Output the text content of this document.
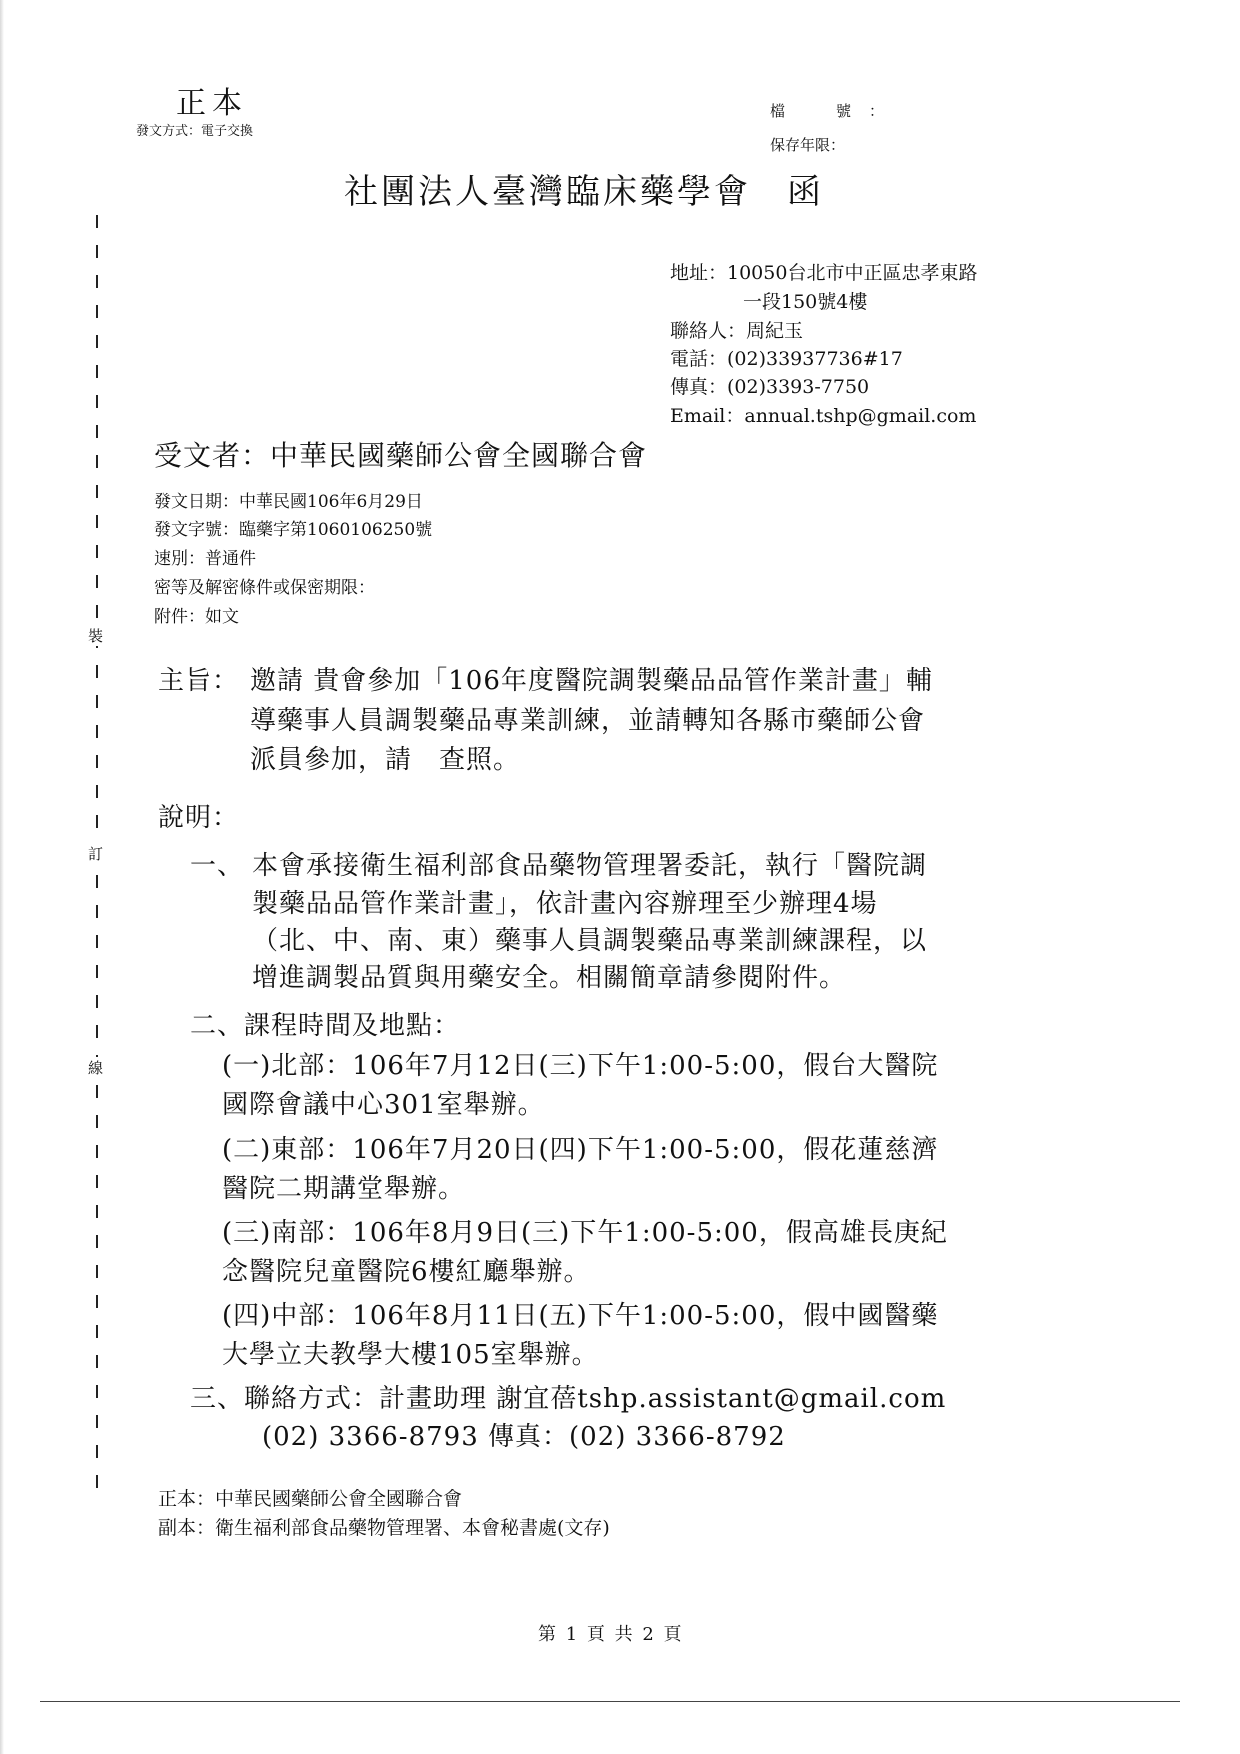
裝
訂
線
正本
發文方式：電子交換
檔　號：
保存年限：
社團法人臺灣臨床藥學會 函
地址：10050台北市中正區忠孝東路
一段150號4樓
聯絡人：周紀玉
電話：(02)33937736#17
傳真：(02)3393-7750
Email：annual.tshp@gmail.com
受文者：中華民國藥師公會全國聯合會
發文日期：中華民國106年6月29日
發文字號：臨藥字第1060106250號
速別：普通件
密等及解密條件或保密期限：
附件：如文
主旨： 邀請 貴會參加「106年度醫院調製藥品品管作業計畫」輔
導藥事人員調製藥品專業訓練，並請轉知各縣市藥師公會
派員參加，請　查照。
說明：
一、 本會承接衛生福利部食品藥物管理署委託，執行「醫院調
製藥品品管作業計畫」，依計畫內容辦理至少辦理4場
（北、中、南、東）藥事人員調製藥品專業訓練課程，以
增進調製品質與用藥安全。相關簡章請參閱附件。
二、課程時間及地點：
(一)北部：106年7月12日(三)下午1:00-5:00，假台大醫院
國際會議中心301室舉辦。
(二)東部：106年7月20日(四)下午1:00-5:00，假花蓮慈濟
醫院二期講堂舉辦。
(三)南部：106年8月9日(三)下午1:00-5:00，假高雄長庚紀
念醫院兒童醫院6樓紅廳舉辦。
(四)中部：106年8月11日(五)下午1:00-5:00，假中國醫藥
大學立夫教學大樓105室舉辦。
三、聯絡方式：計畫助理 謝宜蓓tshp.assistant@gmail.com
(02) 3366-8793 傳真：(02) 3366-8792
正本：中華民國藥師公會全國聯合會
副本：衛生福利部食品藥物管理署、本會秘書處(文存)
第 1 頁 共 2 頁
